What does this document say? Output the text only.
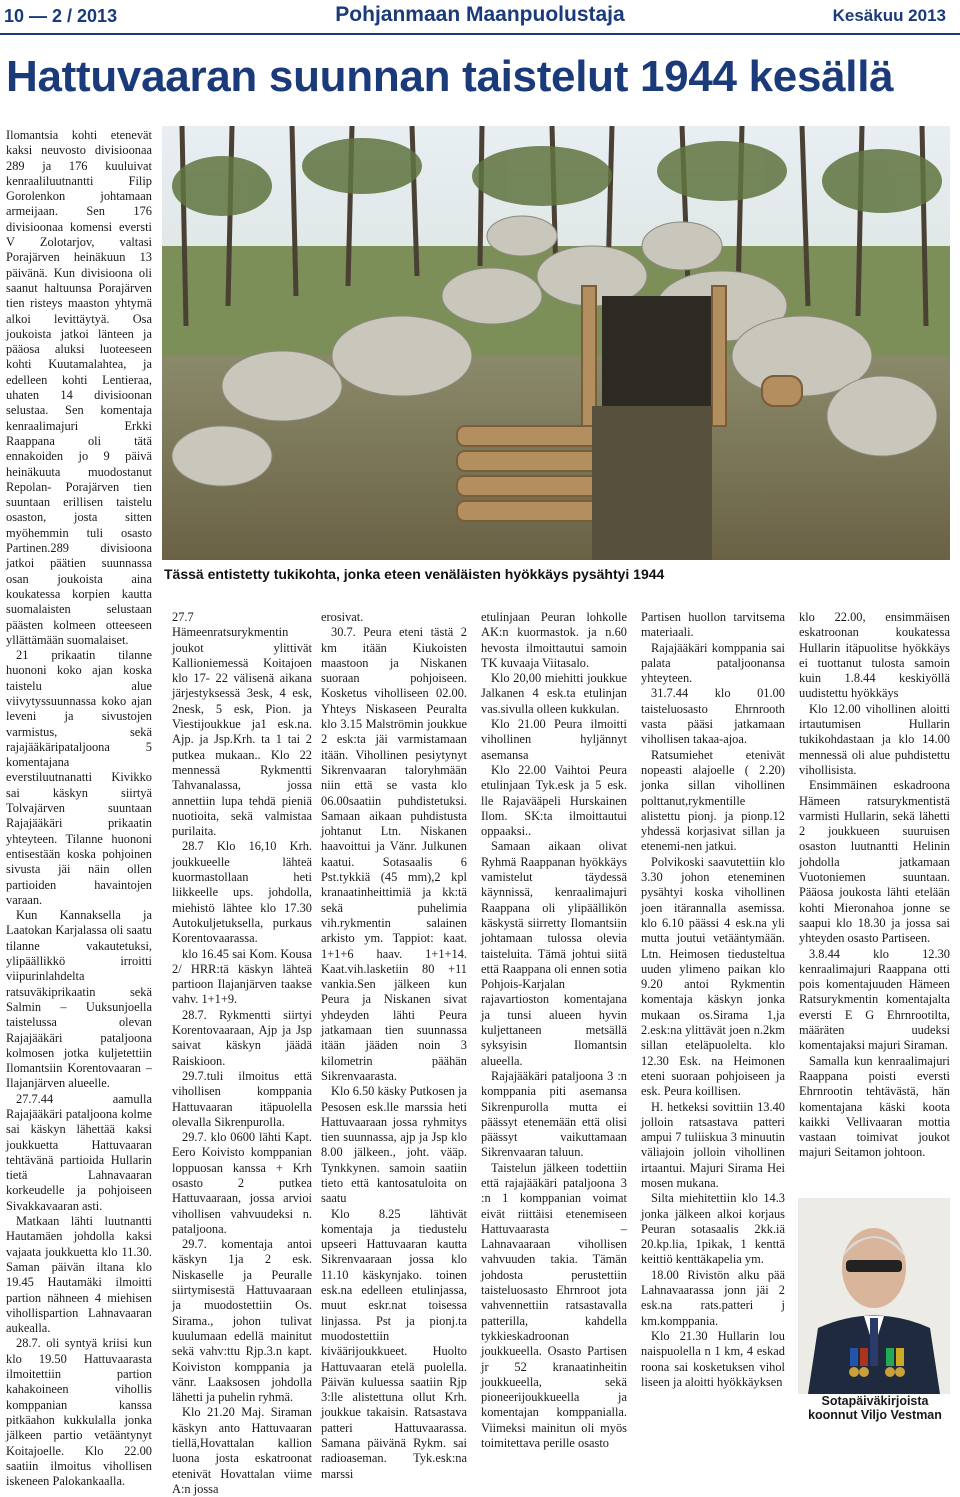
10 — 2 / 2013	Pohjanmaan Maanpuolustaja	Kesäkuu 2013
Hattuvaaran suunnan taistelut 1944 kesällä
Tässä entistetty tukikohta, jonka eteen venäläisten hyökkäys pysähtyi 1944

Ilomantsia kohti etenevät kaksi neuvosto divisioonaa 289 ja 176 kuuluivat kenraaliluutnantti Filip Gorolenkon johtamaan armeijaan. Sen 176 divisioonaa komensi eversti V Zolotarjov, valtasi Porajärven heinäkuun 13 päivänä. Kun divisioona oli saanut haltuunsa Porajärven tien risteys maaston yhtymä alkoi levittäytyä. Osa joukoista jatkoi länteen ja pääosa aluksi luoteeseen kohti Kuutamalahtea, ja edelleen kohti Lentieraa, uhaten 14 divisioonan selustaa. Sen komentaja kenraalimajuri Erkki Raappana oli tätä ennakoiden jo 9 päivä heinäkuuta muodostanut Repolan- Porajärven tien suuntaan erillisen taistelu osaston, josta sitten myöhemmin tuli osasto Partinen.289 divisioona jatkoi päätien suunnassa osan joukoista aina koukatessa korpien kautta suomalaisten selustaan päästen kolmeen otteeseen yllättämään suomalaiset.

21 prikaatin tilanne huononi koko ajan koska taistelu alue viivytyssuunnassa koko ajan leveni ja sivustojen varmistus, sekä rajajääkäripataljoona 5 komentajana everstiluutnanatti Kivikko sai käskyn siirtyä Tolvajärven suuntaan Rajajääkäri prikaatin yhteyteen. Tilanne huononi entisestään koska pohjoinen sivusta jäi näin ollen partioiden havaintojen varaan.

Kun Kannaksella ja Laatokan Karjalassa oli saatu tilanne vakautetuksi, ylipäällikkö irroitti viipurinlahdelta ratsuväkiprikaatin sekä Salmin – Uuksunjoella taistelussa olevan Rajajääkäri pataljoona kolmosen jotka kuljetettiin Ilomantsiin Korentovaaran – Ilajanjärven alueelle.

27.7.44 aamulla Rajajääkäri pataljoona kolme sai käskyn lähettää kaksi joukkuetta Hattuvaaran tehtävänä partioida Hullarin tietä Lahnavaaran korkeudelle ja pohjoiseen Sivakkavaaran asti.

Matkaan lähti luutnantti Hautamäen johdolla kaksi vajaata joukkuetta klo 11.30. Saman päivän iltana klo 19.45 Hautamäki ilmoitti partion nähneen 4 miehisen vihollispartion Lahnavaaran aukealla.

28.7. oli syntyä kriisi kun klo 19.50 Hattuvaarasta ilmoitettiin partion kahakoineen vihollis komppanian kanssa pitkäahon kukkulalla jonka jälkeen partio vetääntynyt Koitajoelle. Klo 22.00 saatiin ilmoitus vihollisen iskeneen Palokankaalla.

27.7 Hämeenratsurykmentin joukot ylittivät Kallioniemessä Koitajoen klo 17- 22 välisenä aikana järjestyksessä 3esk, 4 esk, 2nesk, 5 esk, Pion. ja Viestijoukkue ja1 esk.na. Ajp. ja Jsp.Krh. ta 1 tai 2 putkea mukaan.. Klo 22 mennessä Rykmentti Tahvanalassa, jossa annettiin lupa tehdä pieniä nuotioita, sekä valmistaa purilaita.

28.7 Klo 16,10 Krh. joukkueelle lähteä kuormastollaan heti liikkeelle ups. johdolla, miehistö lähtee klo 17.30 Autokuljetuksella, purkaus Korentovaarassa.

klo 16.45 sai Kom. Kousa 2/ HRR:tä käskyn lähteä partioon Ilajanjärven taakse vahv. 1+1+9.

28.7. Rykmentti siirtyi Korentovaaraan, Ajp ja Jsp saivat käskyn jäädä Raiskioon.

29.7.tuli ilmoitus että vihollisen komppania Hattuvaaran itäpuolella olevalla Sikrenpurolla.

29.7. klo 0600 lähti Kapt. Eero Koivisto komppanian loppuosan kanssa + Krh osasto 2 putkea Hattuvaaraan, jossa arvioi vihollisen vahvuudeksi n. pataljoona.

29.7. komentaja antoi käskyn 1ja 2 esk. Niskaselle ja Peuralle siirtymisestä Hattuvaaraan ja muodostettiin Os. Sirama., johon tulivat kuulumaan edellä mainitut sekä vahv:ttu Rjp.3.n kapt. Koiviston komppania ja vänr. Laaksosen johdolla lähetti ja puhelin ryhmä.

Klo 21.20 Maj. Siraman käskyn anto Hattuvaaran tiellä,Hovattalan kallion luona josta eskatroonat etenivät Hovattalan viime A:n jossa

erosivat.

30.7. Peura eteni tästä 2 km itään Kiukoisten maastoon ja Niskanen suoraan pohjoiseen. Kosketus viholliseen 02.00. Yhteys Niskaseen Peuralta klo 3.15 Malströmin joukkue 2 esk:ta jäi varmistamaan itään. Vihollinen pesiytynyt Sikrenvaaran taloryhmään niin että se vasta klo 06.00saatiin puhdistetuksi. Samaan aikaan puhdistusta johtanut Ltn. Niskanen haavoittui ja Vänr. Julkunen kaatui. Sotasaalis 6 Pst.tykkiä (45 mm),2 kpl kranaatinheittimiä ja kk:tä sekä puhelimia vih.rykmentin salainen arkisto ym. Tappiot: kaat. 1+1+6 haav. 1+1+14. Kaat.vih.lasketiin 80 +11 vankia.Sen jälkeen kun Peura ja Niskanen sivat yhdeyden lähti Peura jatkamaan tien suunnassa itään jääden noin 3 kilometrin päähän Sikrenvaarasta.

Klo 6.50 käsky Putkosen ja Pesosen esk.lle marssia heti Hattuvaaraan jossa ryhmitys tien suunnassa, ajp ja Jsp klo 8.00 jälkeen., joht. vääp. Tynkkynen. samoin saatiin tieto että kantosatuloita on saatu

Klo 8.25 lähtivät komentaja ja tiedustelu upseeri Hattuvaaran kautta Sikrenvaaraan jossa klo 11.10 käskynjako. toinen esk.na edelleen etulinjassa, muut eskr.nat toisessa linjassa. Pst ja pionj.ta muodostettiin kiväärijoukkueet. Huolto Hattuvaaran etelä puolella. Päivän kuluessa saatiin Rjp 3:lle alistettuna ollut Krh. joukkue takaisin. Ratsastava patteri Hattuvaarassa. Samana päivänä Rykm. sai radioaseman. Tyk.esk:na marssi

etulinjaan Peuran lohkolle AK:n kuormastok. ja n.60 hevosta ilmoittautui samoin TK kuvaaja Viitasalo.

Klo 20,00 miehitti joukkue Jalkanen 4 esk.ta etulinjan vas.sivulla olleen kukkulan.

Klo 21.00 Peura ilmoitti vihollinen hyljännyt asemansa

Klo 22.00 Vaihtoi Peura etulinjaan Tyk.esk ja 5 esk. lle Rajavääpeli Hurskainen Ilom. SK:ta ilmoittautui oppaaksi..

Samaan aikaan olivat Ryhmä Raappanan hyökkäys vamistelut täydessä käynnissä, kenraalimajuri Raappana oli ylipäällikön käskystä siirretty Ilomantsiin johtamaan tulossa olevia taisteluita. Tämä johtui siitä että Raappana oli ennen sotia Pohjois-Karjalan rajavartioston komentajana ja tunsi alueen hyvin kuljettaneen metsällä syksyisin Ilomantsin alueella.

Rajajääkäri pataljoona 3 :n komppania piti asemansa Sikrenpurolla mutta ei päässyt etenemään että olisi päässyt vaikuttamaan Sikrenvaaran taluun.

Taistelun jälkeen todettiin että rajajääkäri pataljoona 3 :n 1 komppanian voimat eivät riittäisi etenemiseen Hattuvaarasta – Lahnavaaraan vihollisen vahvuuden takia. Tämän johdosta perustettiin taisteluosasto Ehrnroot jota vahvennettiin ratsastavalla patterilla, kahdella tykkieskadroonan joukkueella. Osasto Partisen jr 52 kranaatinheitin joukkueella, sekä pioneerijoukkueella ja komentajan komppanialla. Viimeksi mainitun oli myös toimitettava perille osasto

Partisen huollon tarvitsema materiaali.

Rajajääkäri komppania sai palata pataljoonansa yhteyteen.

31.7.44 klo 01.00 taisteluosasto Ehrnrooth vasta pääsi jatkamaan vihollisen takaa-ajoa.

Ratsumiehet etenivät nopeasti alajoelle ( 2.20) jonka sillan vihollinen polttanut,rykmentille alistettu pionj. ja pionp.12 yhdessä korjasivat sillan ja etenemi-nen jatkui.

Polvikoski saavutettiin klo 3.30 johon eteneminen pysähtyi koska vihollinen joen itärannalla asemissa. klo 6.10 päässi 4 esk.na yli mutta joutui vetääntymään. Ltn. Heimosen tiedusteltua uuden ylimeno paikan klo 9.20 antoi Rykmentin komentaja käskyn jonka mukaan os.Sirama 1,ja 2.esk:na ylittävät joen n.2km sillan eteläpuolelta. klo 12.30 Esk. na Heimonen eteni suoraan pohjoiseen ja esk. Peura koillisen.

H. hetkeksi sovittiin 13.40 jolloin ratsastava patteri ampui 7 tuliiskua 3 minuutin väliajoin jolloin vihollinen irtaantui. Majuri Sirama Hei mosen mukana.

Silta miehitettiin klo 14.3 jonka jälkeen alkoi korjaus Peuran sotasaalis 2kk.iä 20.kp.lia, 1pikak, 1 kenttä keittiö kenttäkapelia ym.

18.00 Rivistön alku pää Lahnavaarassa jonn jäi 2 esk.na rats.patteri j km.komppania.

Klo 21.30 Hullarin lou naispuolella n 1 km, 4 eskad roona sai kosketuksen vihol liseen ja aloitti hyökkäyksen

klo 22.00, ensimmäisen eskatroonan koukatessa Hullarin itäpuolitse hyökkäys ei tuottanut tulosta samoin kuin 1.8.44 keskiyöllä uudistettu hyökkäys

Klo 12.00 vihollinen aloitti irtautumisen Hullarin tukikohdastaan ja klo 14.00 mennessä oli alue puhdistettu vihollisista.

Ensimmäinen eskadroona Hämeen ratsurykmentistä varmisti Hullarin, sekä lähetti 2 joukkueen suuruisen osaston luutnantti Helinin johdolla jatkamaan Vuotoniemen suuntaan. Pääosa joukosta lähti etelään kohti Mieronahoa jonne se saapui klo 18.30 ja jossa sai yhteyden osasto Partiseen.

3.8.44 klo 12.30 kenraalimajuri Raappana otti pois komentajuuden Hämeen Ratsurykmentin komentajalta eversti E G Ehrnrootilta, määräten uudeksi komentajaksi majuri Siraman.

Samalla kun kenraalimajuri Raappana poisti eversti Ehrnrootin tehtävästä, hän komentajana käski koota kaikki Vellivaaran mottia vastaan toimivat joukot majuri Seitamon johtoon.

Sotapäiväkirjoista
koonnut Viljo Vestman
